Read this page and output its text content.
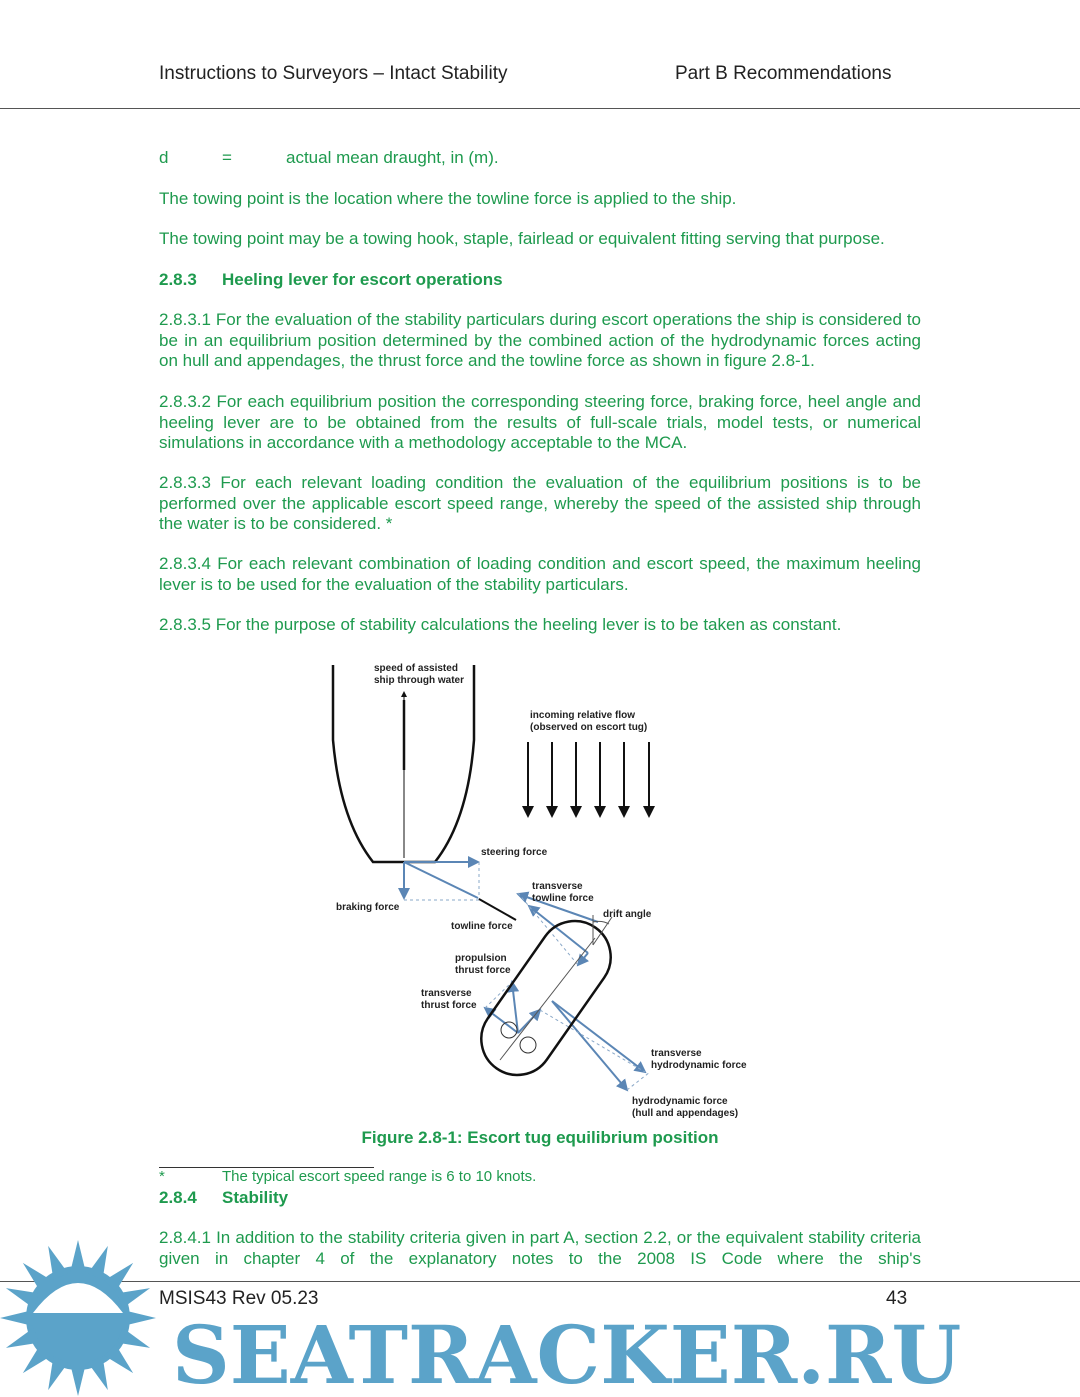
Instructions to Surveyors – Intact Stability	Part B Recommendations
d	=	actual mean draught, in (m).
The towing point is the location where the towline force is applied to the ship.
The towing point may be a towing hook, staple, fairlead or equivalent fitting serving that purpose.
2.8.3 Heeling lever for escort operations
2.8.3.1 For the evaluation of the stability particulars during escort operations the ship is considered to be in an equilibrium position determined by the combined action of the hydrodynamic forces acting on hull and appendages, the thrust force and the towline force as shown in figure 2.8-1.
2.8.3.2 For each equilibrium position the corresponding steering force, braking force, heel angle and heeling lever are to be obtained from the results of full-scale trials, model tests, or numerical simulations in accordance with a methodology acceptable to the MCA.
2.8.3.3 For each relevant loading condition the evaluation of the equilibrium positions is to be performed over the applicable escort speed range, whereby the speed of the assisted ship through the water is to be considered. *
2.8.3.4 For each relevant combination of loading condition and escort speed, the maximum heeling lever is to be used for the evaluation of the stability particulars.
2.8.3.5 For the purpose of stability calculations the heeling lever is to be taken as constant.
speed of assisted
ship through water
incoming relative flow
(observed on escort tug)
steering force
braking force
transverse
towline force
drift angle
towline force
propulsion
thrust force
transverse
thrust force
transverse
hydrodynamic force
hydrodynamic force
(hull and appendages)
Figure 2.8-1: Escort tug equilibrium position
*	The typical escort speed range is 6 to 10 knots.
2.8.4 Stability
2.8.4.1 In addition to the stability criteria given in part A, section 2.2, or the equivalent stability criteria given in chapter 4 of the explanatory notes to the 2008 IS Code where the ship's
MSIS43 Rev 05.23	43
SEATRACKER.RU
